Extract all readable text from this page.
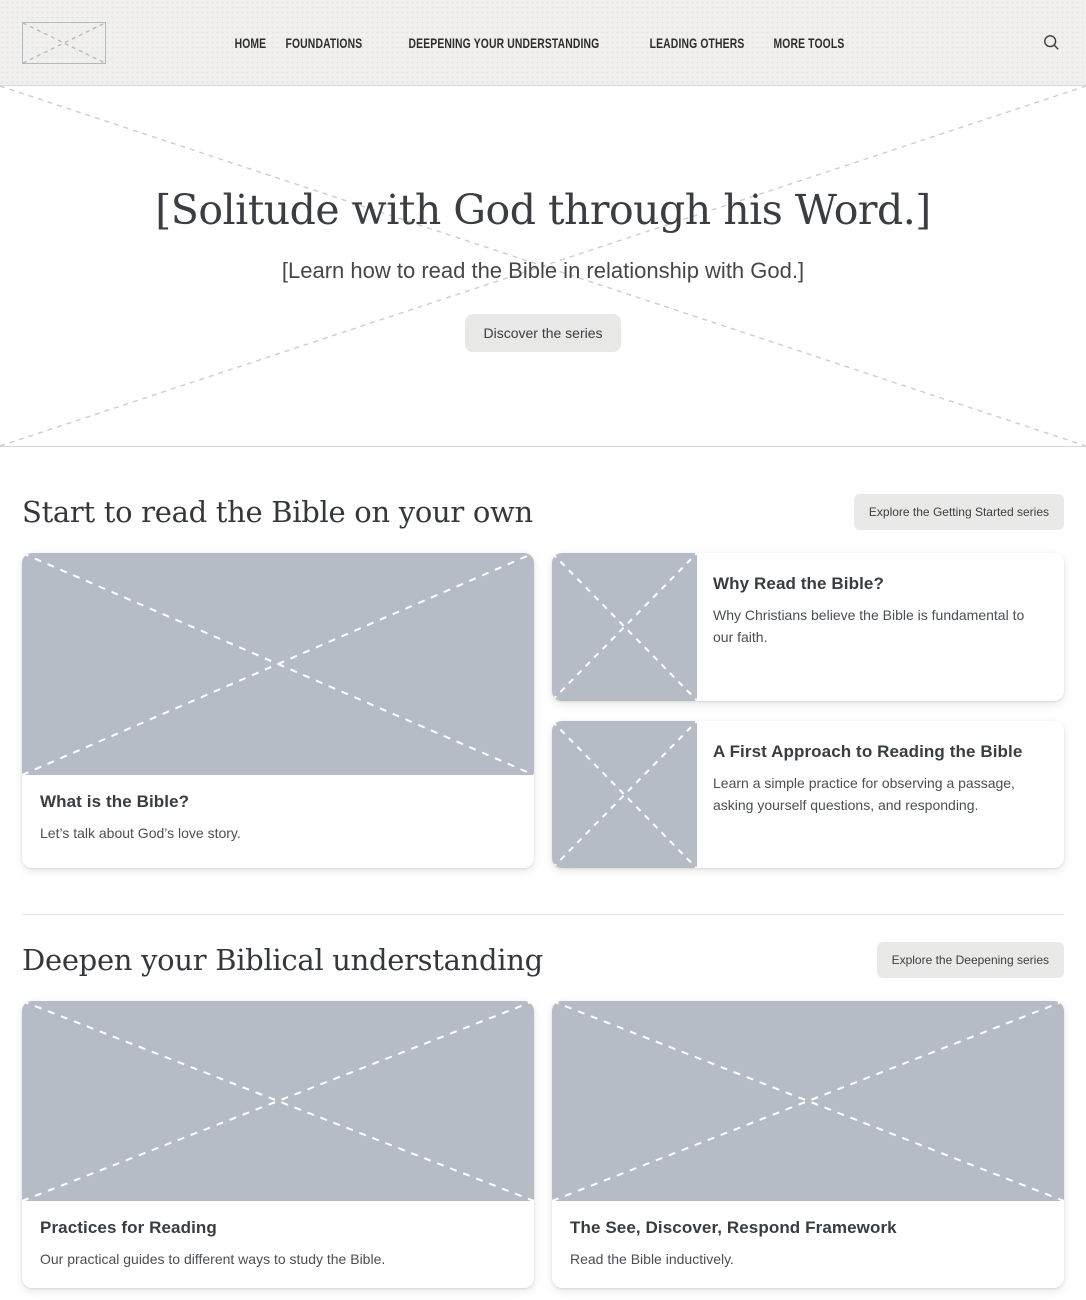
HOME FOUNDATIONS	DEEPENING YOUR UNDERSTANDING	LEADING OTHERS MORE TOOLS
[Solitude with God through his Word.]

[Learn how to read the Bible in relationship with God.]

Discover the series
Start to read the Bible on your own	Explore the Getting Started series
What is the Bible?

Let’s talk about God’s love story.

Why Read the Bible?

Why Christians believe the Bible is fundamental to our faith.

A First Approach to Reading the Bible

Learn a simple practice for observing a passage, asking yourself questions, and responding.

Deepen your Biblical understanding	Explore the Deepening series
Practices for Reading

Our practical guides to different ways to study the Bible.

The See, Discover, Respond Framework

Read the Bible inductively.
